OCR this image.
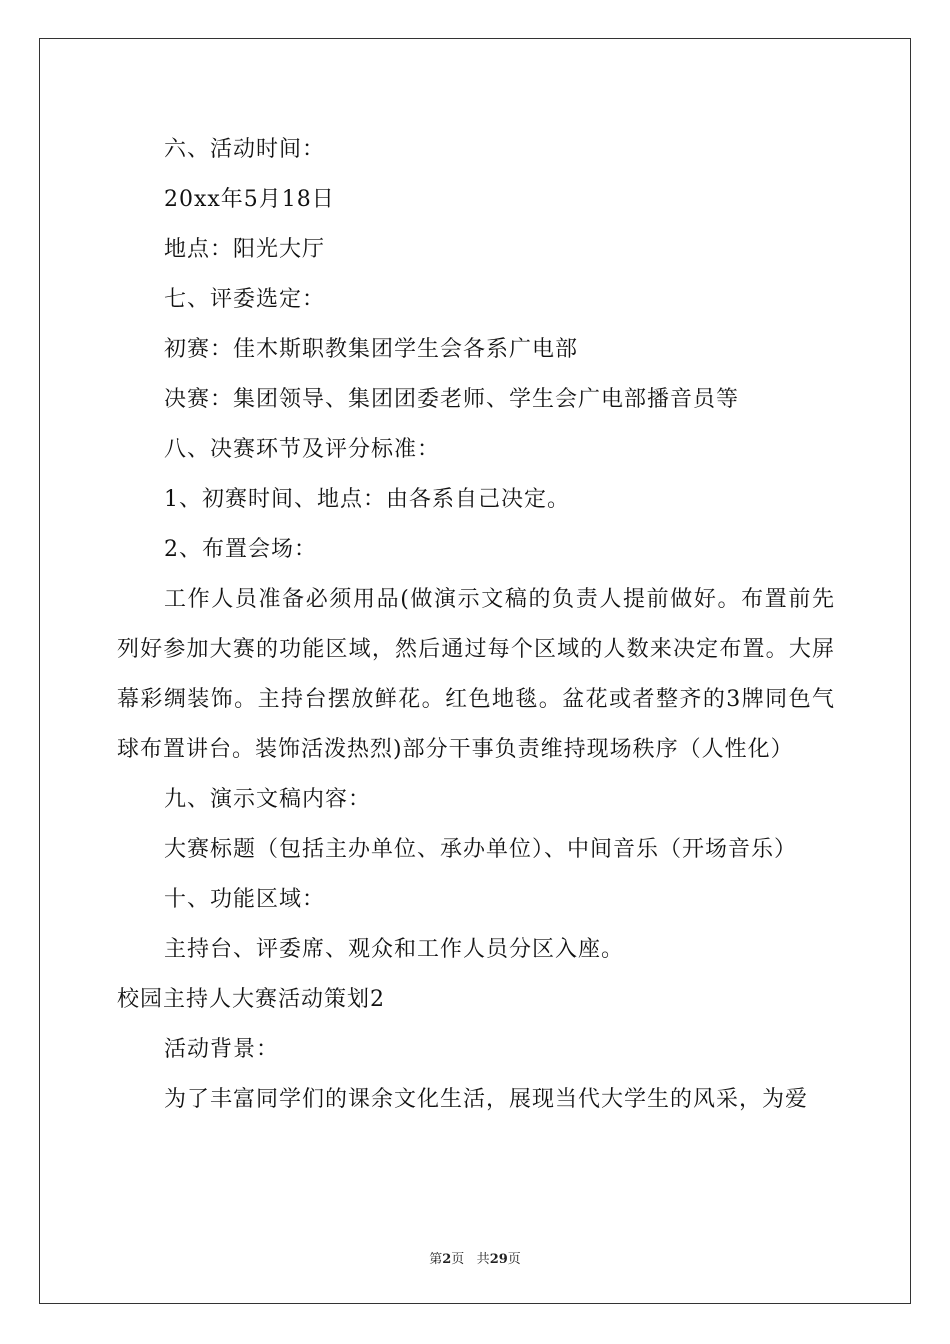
六、活动时间：
20xx年5月18日
地点：阳光大厅
七、评委选定：
初赛：佳木斯职教集团学生会各系广电部
决赛：集团领导、集团团委老师、学生会广电部播音员等
八、决赛环节及评分标准：
1、初赛时间、地点：由各系自己决定。
2、布置会场：
工作人员准备必须用品(做演示文稿的负责人提前做好。布置前先列好参加大赛的功能区域，然后通过每个区域的人数来决定布置。大屏幕彩绸装饰。主持台摆放鲜花。红色地毯。盆花或者整齐的3牌同色气球布置讲台。装饰活泼热烈)部分干事负责维持现场秩序（人性化）
九、演示文稿内容：
大赛标题（包括主办单位、承办单位）、中间音乐（开场音乐）
十、功能区域：
主持台、评委席、观众和工作人员分区入座。
校园主持人大赛活动策划2
活动背景：
为了丰富同学们的课余文化生活，展现当代大学生的风采，为爱
第2页 共29页
